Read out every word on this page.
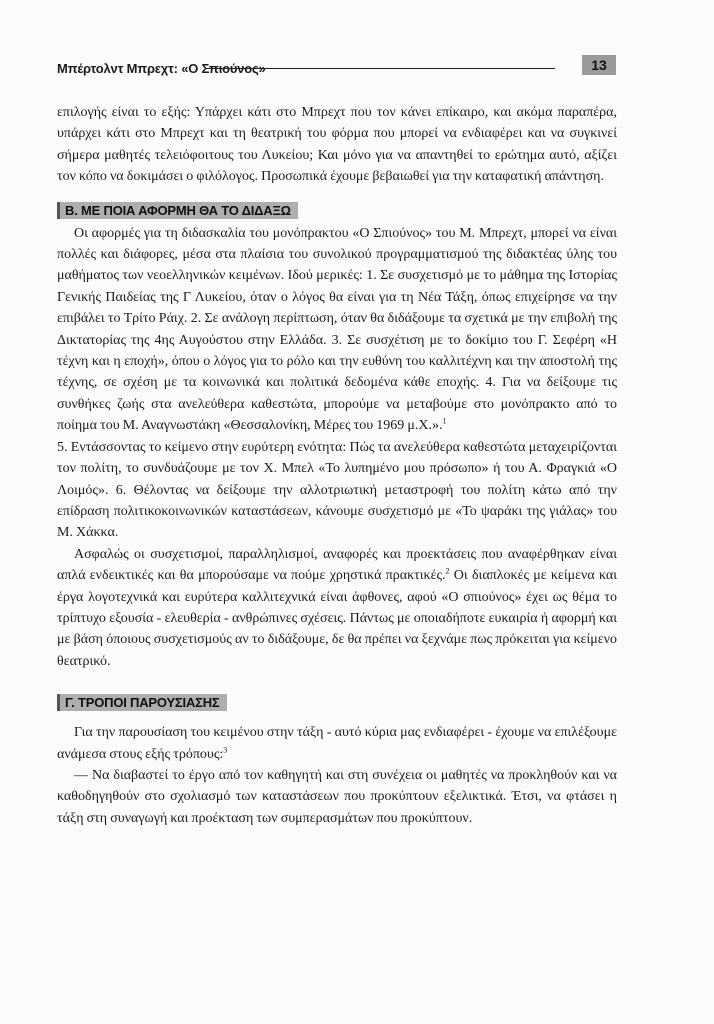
Μπέρτολντ Μπρεχτ: «Ο Σπιούνος»	13

επιλογής είναι το εξής: Υπάρχει κάτι στο Μπρεχτ που τον κάνει επίκαιρο, και ακόμα παραπέρα, υπάρχει κάτι στο Μπρεχτ και τη θεατρική του φόρμα που μπορεί να ενδιαφέρει και να συγκινεί σήμερα μαθητές τελειόφοιτους του Λυκείου; Και μόνο για να απαντηθεί το ερώτημα αυτό, αξίζει τον κόπο να δοκιμάσει ο φιλόλογος. Προσωπικά έχουμε βεβαιωθεί για την καταφατική απάντηση.

Β. ΜΕ ΠΟΙΑ ΑΦΟΡΜΗ ΘΑ ΤΟ ΔΙΔΑΞΩ

Οι αφορμές για τη διδασκαλία του μονόπρακτου «Ο Σπιούνος» του Μ. Μπρεχτ, μπορεί να είναι πολλές και διάφορες, μέσα στα πλαίσια του συνολικού προγραμματισμού της διδακτέας ύλης του μαθήματος των νεοελληνικών κειμένων. Ιδού μερικές: 1. Σε συσχετισμό με το μάθημα της Ιστορίας Γενικής Παιδείας της Γ Λυκείου, όταν ο λόγος θα είναι για τη Νέα Τάξη, όπως επιχείρησε να την επιβάλει το Τρίτο Ράιχ. 2. Σε ανάλογη περίπτωση, όταν θα διδάξουμε τα σχετικά με την επιβολή της Δικτατορίας της 4ης Αυγούστου στην Ελλάδα. 3. Σε συσχέτιση με το δοκίμιο του Γ. Σεφέρη «Η τέχνη και η εποχή», όπου ο λόγος για το ρόλο και την ευθύνη του καλλιτέχνη και την αποστολή της τέχνης, σε σχέση με τα κοινωνικά και πολιτικά δεδομένα κάθε εποχής. 4. Για να δείξουμε τις συνθήκες ζωής στα ανελεύθερα καθεστώτα, μπορούμε να μεταβούμε στο μονόπρακτο από το ποίημα του Μ. Αναγνωστάκη «Θεσσαλονίκη, Μέρες του 1969 μ.Χ.».$^1$

5. Εντάσσοντας το κείμενο στην ευρύτερη ενότητα: Πώς τα ανελεύθερα καθεστώτα μεταχειρίζονται τον πολίτη, το συνδυάζουμε με τον Χ. Μπελ «Το λυπημένο μου πρόσωπο» ή του Α. Φραγκιά «Ο Λοιμός». 6. Θέλοντας να δείξουμε την αλλοτριωτική μεταστροφή του πολίτη κάτω από την επίδραση πολιτικοκοινωνικών καταστάσεων, κάνουμε συσχετισμό με «Το ψαράκι της γιάλας» του Μ. Χάκκα.

Ασφαλώς οι συσχετισμοί, παραλληλισμοί, αναφορές και προεκτάσεις που αναφέρθηκαν είναι απλά ενδεικτικές και θα μπορούσαμε να πούμε χρηστικά πρακτικές.$^2$ Οι διαπλοκές με κείμενα και έργα λογοτεχνικά και ευρύτερα καλλιτεχνικά είναι άφθονες, αφού «Ο σπιούνος» έχει ως θέμα το τρίπτυχο εξουσία - ελευθερία - ανθρώπινες σχέσεις. Πάντως με οποιαδήποτε ευκαιρία ή αφορμή και με βάση όποιους συσχετισμούς αν το διδάξουμε, δε θα πρέπει να ξεχνάμε πως πρόκειται για κείμενο θεατρικό.

Γ. ΤΡΟΠΟΙ ΠΑΡΟΥΣΙΑΣΗΣ

Για την παρουσίαση του κειμένου στην τάξη - αυτό κύρια μας ενδιαφέρει - έχουμε να επιλέξουμε ανάμεσα στους εξής τρόπους:$^3$

— Να διαβαστεί το έργο από τον καθηγητή και στη συνέχεια οι μαθητές να προκληθούν και να καθοδηγηθούν στο σχολιασμό των καταστάσεων που προκύπτουν εξελικτικά. Έτσι, να φτάσει η τάξη στη συναγωγή και προέκταση των συμπερασμάτων που προκύπτουν.
